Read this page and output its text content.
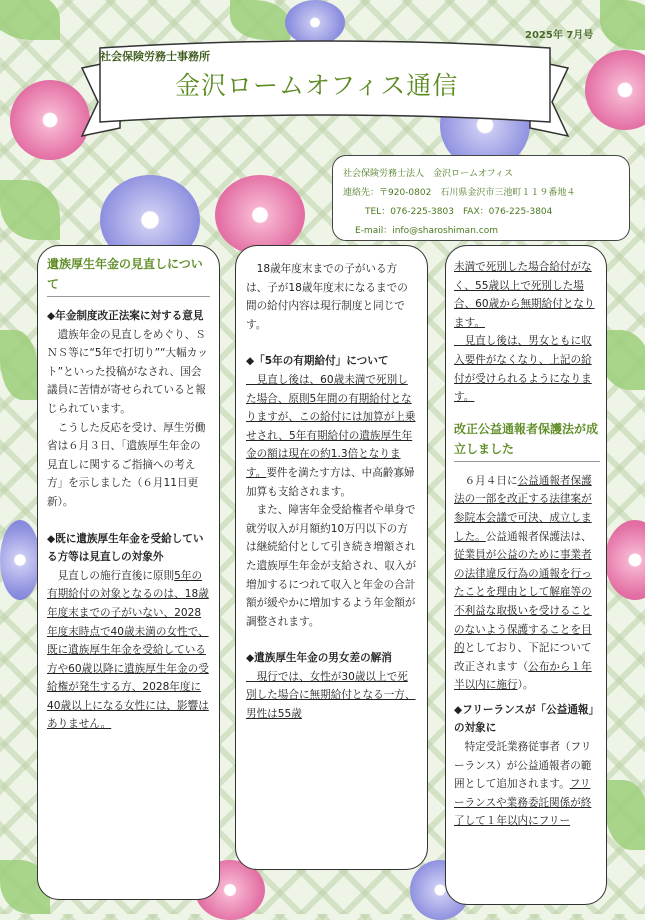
2025年 7月号
社会保険労務士事務所
金沢ロームオフィス通信
社会保険労務士法人　金沢ロームオフィス
連絡先：〒920-0802　石川県金沢市三池町１１９番地４
TEL：076-225-3803　FAX：076-225-3804
E-mail：info@sharoshiman.com
遺族厚生年金の見直しについて

◆年金制度改正法案に対する意見

　遺族年金の見直しをめぐり、ＳＮＳ等に“5年で打切り”“大幅カット”といった投稿がなされ、国会議員に苦情が寄せられていると報じられています。

　こうした反応を受け、厚生労働省は６月３日、「遺族厚生年金の見直しに関するご指摘への考え方」を示しました（６月11日更新）。

◆既に遺族厚生年金を受給している方等は見直しの対象外

　見直しの施行直後に原則5年の有期給付の対象となるのは、18歳年度末までの子がいない、2028年度末時点で40歳未満の女性で、既に遺族厚生年金を受給している方や60歳以降に遺族厚生年金の受給権が発生する方、2028年度に40歳以上になる女性には、影響はありません。

18歳年度末までの子がいる方は、子が18歳年度末になるまでの間の給付内容は現行制度と同じです。

◆「5年の有期給付」について

　見直し後は、60歳未満で死別した場合、原則5年間の有期給付となりますが、この給付には加算が上乗せされ、5年有期給付の遺族厚生年金の額は現在の約1.3倍となります。要件を満たす方は、中高齢寡婦加算も支給されます。

　また、障害年金受給権者や単身で就労収入が月額約10万円以下の方は継続給付として引き続き増額された遺族厚生年金が支給され、収入が増加するにつれて収入と年金の合計額が緩やかに増加するよう年金額が調整されます。

◆遺族厚生年金の男女差の解消

　現行では、女性が30歳以上で死別した場合に無期給付となる一方、男性は55歳

未満で死別した場合給付がなく、55歳以上で死別した場合、60歳から無期給付となります。

　見直し後は、男女ともに収入要件がなくなり、上記の給付が受けられるようになります。

改正公益通報者保護法が成立しました

　６月４日に公益通報者保護法の一部を改正する法律案が参院本会議で可決、成立しました。公益通報者保護法は、従業員が公益のために事業者の法律違反行為の通報を行ったことを理由として解雇等の不利益な取扱いを受けることのないよう保護することを目的としており、下記について改正されます（公布から１年半以内に施行）。

◆フリーランスが「公益通報」の対象に

　特定受託業務従事者（フリーランス）が公益通報者の範囲として追加されます。フリーランスや業務委託関係が終了して１年以内にフリー
